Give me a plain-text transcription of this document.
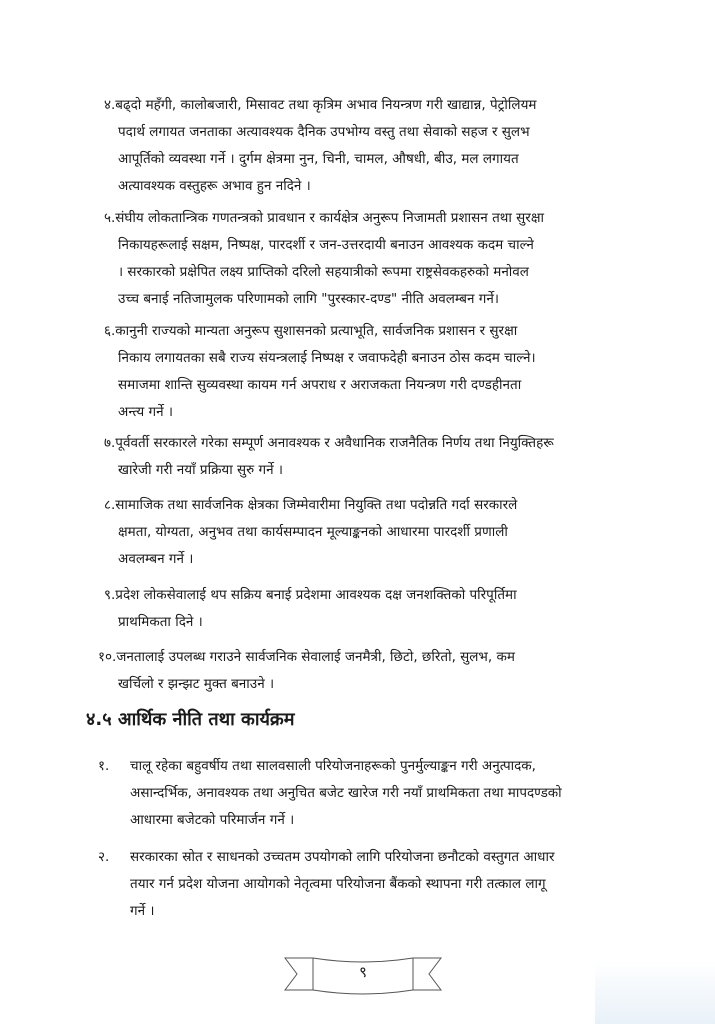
४.बढ्दो महँगी, कालोबजारी, मिसावट तथा कृत्रिम अभाव नियन्त्रण गरी खाद्यान्न, पेट्रोलियम
पदार्थ लगायत जनताका अत्यावश्यक दैनिक उपभोग्य वस्तु तथा सेवाको सहज र सुलभ
आपूर्तिको व्यवस्था गर्ने । दुर्गम क्षेत्रमा नुन, चिनी, चामल, औषधी, बीउ, मल लगायत
अत्यावश्यक वस्तुहरू अभाव हुन नदिने ।
५.संघीय लोकतान्त्रिक गणतन्त्रको प्रावधान र कार्यक्षेत्र अनुरूप निजामती प्रशासन तथा सुरक्षा
निकायहरूलाई सक्षम, निष्पक्ष, पारदर्शी र जन-उत्तरदायी बनाउन आवश्यक कदम चाल्ने
। सरकारको प्रक्षेपित लक्ष्य प्राप्तिको दरिलो सहयात्रीको रूपमा राष्ट्रसेवकहरुको मनोवल
उच्च बनाई नतिजामुलक परिणामको लागि "पुरस्कार-दण्ड" नीति अवलम्बन गर्ने।
६.कानुनी राज्यको मान्यता अनुरूप सुशासनको प्रत्याभूति, सार्वजनिक प्रशासन र सुरक्षा
निकाय लगायतका सबै राज्य संयन्त्रलाई निष्पक्ष र जवाफदेही बनाउन ठोस कदम चाल्ने।
समाजमा शान्ति सुव्यवस्था कायम गर्न अपराध र अराजकता नियन्त्रण गरी दण्डहीनता
अन्त्य गर्ने ।
७.पूर्ववर्ती सरकारले गरेका सम्पूर्ण अनावश्यक र अवैधानिक राजनैतिक निर्णय तथा नियुक्तिहरू
खारेजी गरी नयाँ प्रक्रिया सुरु गर्ने ।
८.सामाजिक तथा सार्वजनिक क्षेत्रका जिम्मेवारीमा नियुक्ति तथा पदोन्नति गर्दा सरकारले
क्षमता, योग्यता, अनुभव तथा कार्यसम्पादन मूल्याङ्कनको आधारमा पारदर्शी प्रणाली
अवलम्बन गर्ने ।
९.प्रदेश लोकसेवालाई थप सक्रिय बनाई प्रदेशमा आवश्यक दक्ष जनशक्तिको परिपूर्तिमा
प्राथमिकता दिने ।
१०.जनतालाई उपलब्ध गराउने सार्वजनिक सेवालाई जनमैत्री, छिटो, छरितो, सुलभ, कम
खर्चिलो र झन्झट मुक्त बनाउने ।
४.५ आर्थिक नीति तथा कार्यक्रम
१. चालू रहेका बहुवर्षीय तथा सालवसाली परियोजनाहरूको पुनर्मुल्याङ्कन गरी अनुत्पादक,
असान्दर्भिक, अनावश्यक तथा अनुचित बजेट खारेज गरी नयाँ प्राथमिकता तथा मापदण्डको
आधारमा बजेटको परिमार्जन गर्ने ।
२. सरकारका स्रोत र साधनको उच्चतम उपयोगको लागि परियोजना छनौटको वस्तुगत आधार
तयार गर्न प्रदेश योजना आयोगको नेतृत्वमा परियोजना बैंकको स्थापना गरी तत्काल लागू
गर्ने ।
९
